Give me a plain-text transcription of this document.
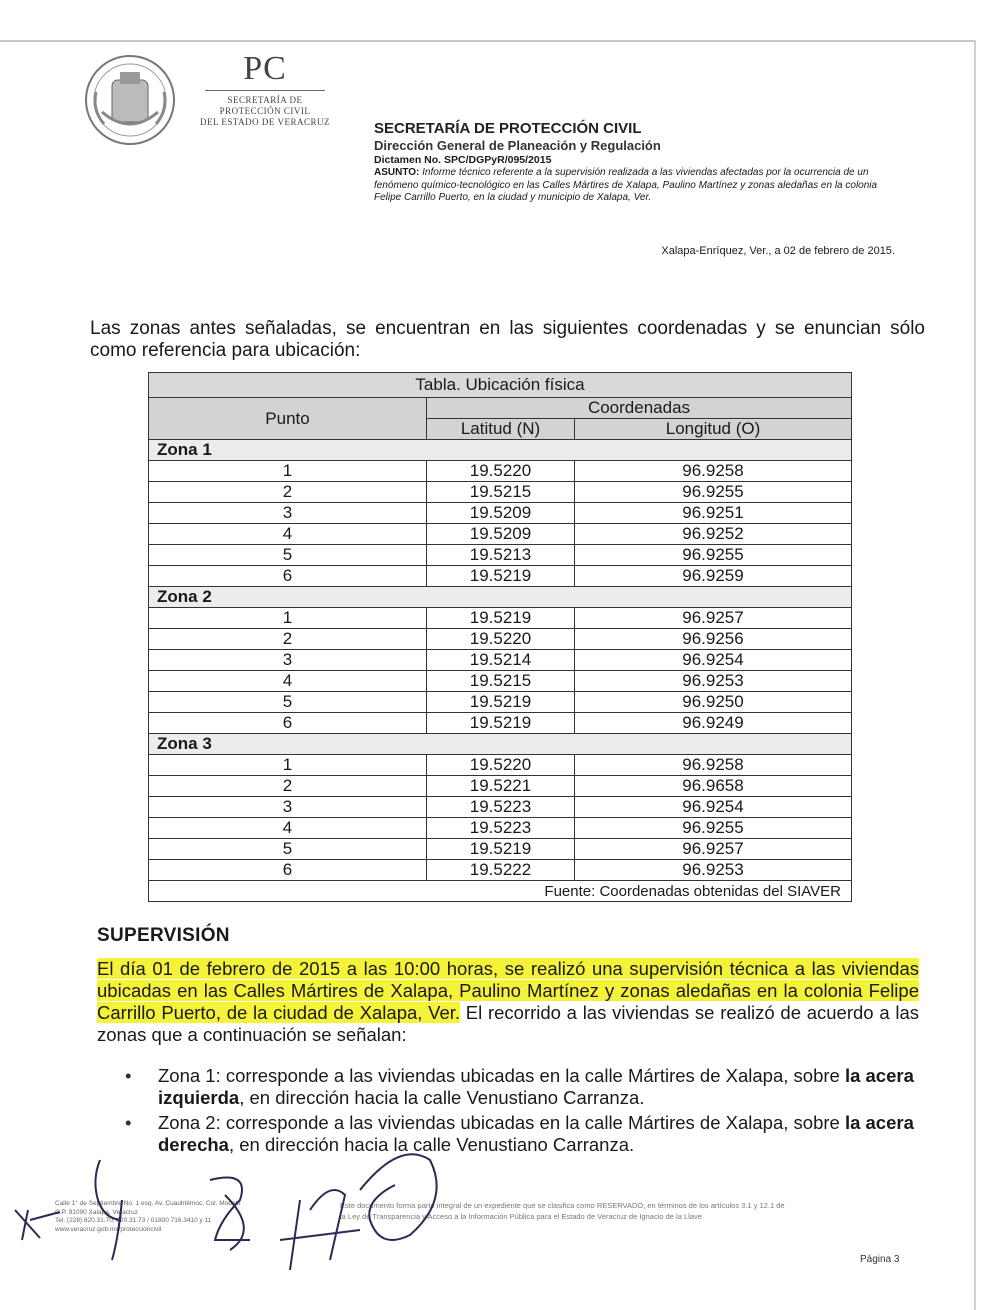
PC
SECRETARÍA DE
PROTECCIÓN CIVIL
DEL ESTADO DE VERACRUZ	SECRETARÍA DE PROTECCIÓN CIVIL
Dirección General de Planeación y Regulación
Dictamen No. SPC/DGPyR/095/2015
ASUNTO: Informe técnico referente a la supervisión realizada a las viviendas afectadas por la ocurrencia de un fenómeno químico-tecnológico en las Calles Mártires de Xalapa, Paulino Martínez y zonas aledañas en la colonia Felipe Carrillo Puerto, en la ciudad y municipio de Xalapa, Ver.
Xalapa-Enríquez, Ver., a 02 de febrero de 2015.
Las zonas antes señaladas, se encuentran en las siguientes coordenadas y se enuncian sólo como referencia para ubicación:
Tabla. Ubicación física		
Punto	Coordenadas	
	Latitud (N)	Longitud (O)
Zona 1		
1	19.5220	96.9258
2	19.5215	96.9255
3	19.5209	96.9251
4	19.5209	96.9252
5	19.5213	96.9255
6	19.5219	96.9259
Zona 2		
1	19.5219	96.9257
2	19.5220	96.9256
3	19.5214	96.9254
4	19.5215	96.9253
5	19.5219	96.9250
6	19.5219	96.9249
Zona 3		
1	19.5220	96.9258
2	19.5221	96.9658
3	19.5223	96.9254
4	19.5223	96.9255
5	19.5219	96.9257
6	19.5222	96.9253
Fuente: Coordenadas obtenidas del SIAVER		
SUPERVISIÓN
El día 01 de febrero de 2015 a las 10:00 horas, se realizó una supervisión técnica a las viviendas ubicadas en las Calles Mártires de Xalapa, Paulino Martínez y zonas aledañas en la colonia Felipe Carrillo Puerto, de la ciudad de Xalapa, Ver. El recorrido a las viviendas se realizó de acuerdo a las zonas que a continuación se señalan:
• Zona 1: corresponde a las viviendas ubicadas en la calle Mártires de Xalapa, sobre la acera izquierda, en dirección hacia la calle Venustiano Carranza.
• Zona 2: corresponde a las viviendas ubicadas en la calle Mártires de Xalapa, sobre la acera derecha, en dirección hacia la calle Venustiano Carranza.
Calle 1° de Septiembre No. 1 esq. Av. Cuauhtémoc, Col. Modelo
C.P. 91090 Xalapa, Veracruz
Tel. (228) 820.31.70, 820.31.73 / 01800 716.3410 y 11
www.veracruz.gob.mx/proteccioncivil
Este documento forma parte integral de un expediente que se clasifica como RESERVADO, en términos de los artículos 3.1 y 12.1 de la Ley de Transparencia y Acceso a la Información Pública para el Estado de Veracruz de Ignacio de la Llave.
Página 3
